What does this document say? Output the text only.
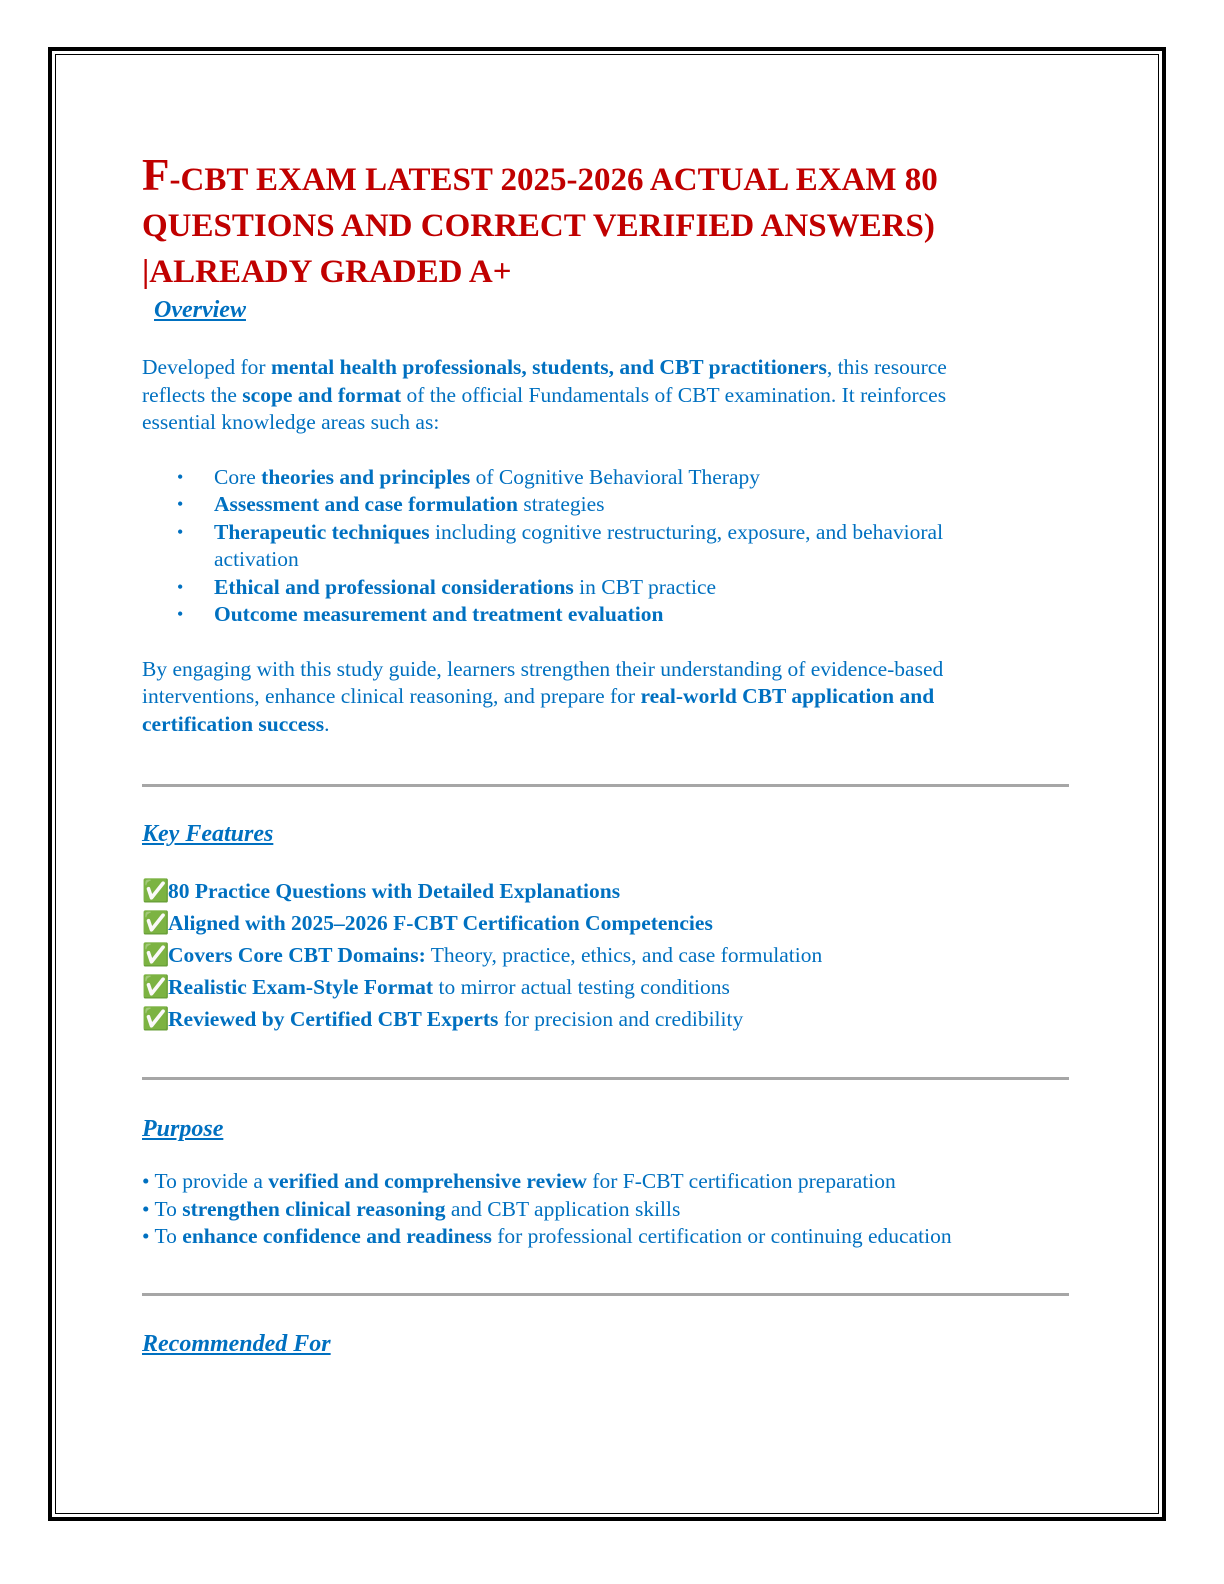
F-CBT EXAM LATEST 2025-2026 ACTUAL EXAM 80
QUESTIONS AND CORRECT VERIFIED ANSWERS)
|ALREADY GRADED A+
Overview

Developed for mental health professionals, students, and CBT practitioners, this resource
reflects the scope and format of the official Fundamentals of CBT examination. It reinforces
essential knowledge areas such as:

• Core theories and principles of Cognitive Behavioral Therapy
• Assessment and case formulation strategies
• Therapeutic techniques including cognitive restructuring, exposure, and behavioral
activation
• Ethical and professional considerations in CBT practice
• Outcome measurement and treatment evaluation

By engaging with this study guide, learners strengthen their understanding of evidence-based
interventions, enhance clinical reasoning, and prepare for real-world CBT application and
certification success.

Key Features
✅80 Practice Questions with Detailed Explanations
✅Aligned with 2025–2026 F-CBT Certification Competencies
✅Covers Core CBT Domains: Theory, practice, ethics, and case formulation
✅Realistic Exam-Style Format to mirror actual testing conditions
✅Reviewed by Certified CBT Experts for precision and credibility
Purpose
• To provide a verified and comprehensive review for F-CBT certification preparation
• To strengthen clinical reasoning and CBT application skills
• To enhance confidence and readiness for professional certification or continuing education
Recommended For
